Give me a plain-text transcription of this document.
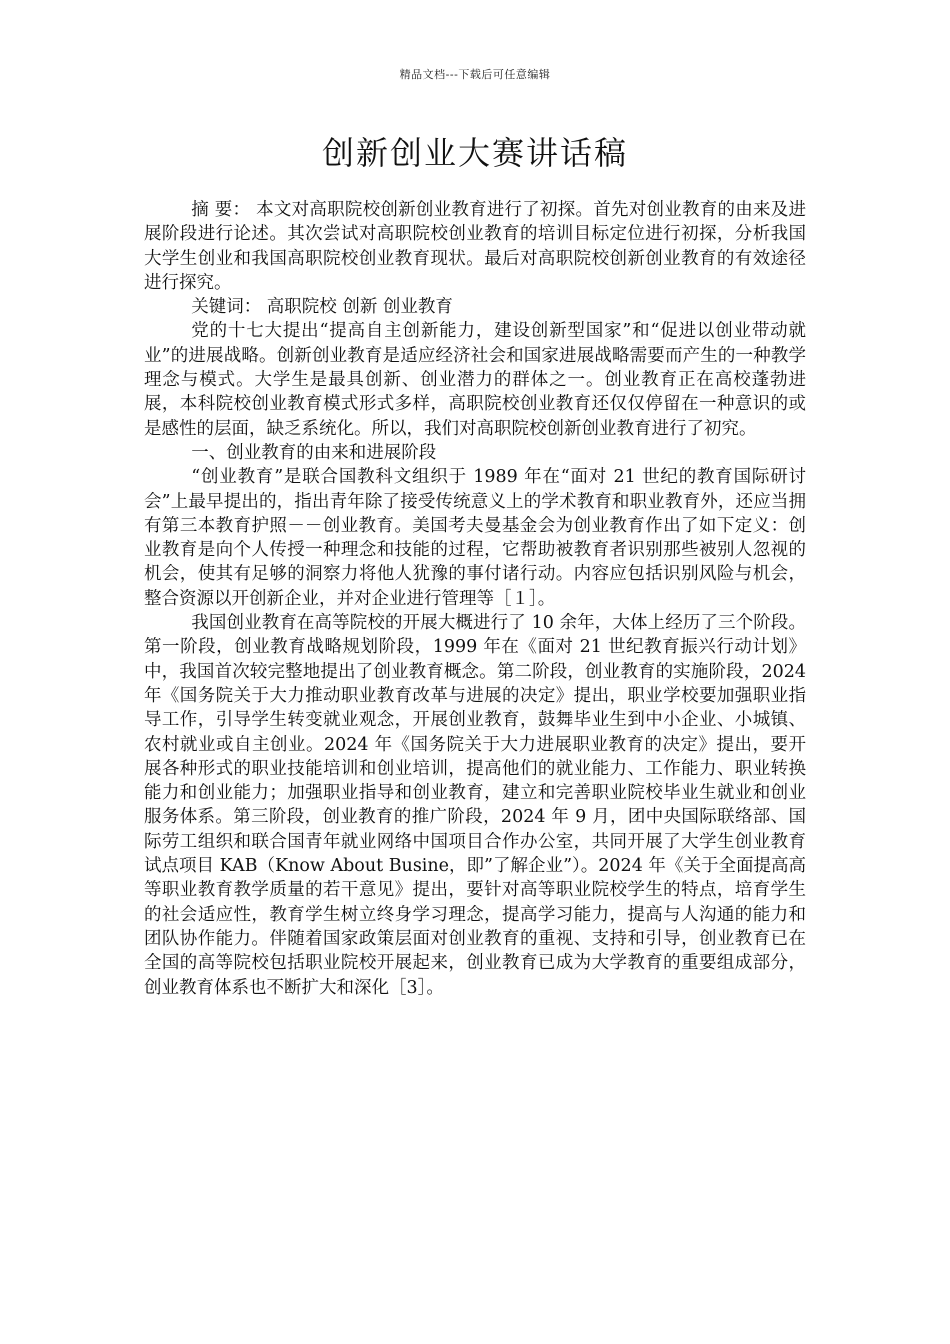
精品文档---下载后可任意编辑
创新创业大赛讲话稿

摘 要： 本文对高职院校创新创业教育进行了初探。首先对创业教育的由来及进展阶段进行论述。其次尝试对高职院校创业教育的培训目标定位进行初探，分析我国大学生创业和我国高职院校创业教育现状。最后对高职院校创新创业教育的有效途径进行探究。

关键词： 高职院校 创新 创业教育

党的十七大提出“提高自主创新能力，建设创新型国家”和“促进以创业带动就业”的进展战略。创新创业教育是适应经济社会和国家进展战略需要而产生的一种教学理念与模式。大学生是最具创新、创业潜力的群体之一。创业教育正在高校蓬勃进展，本科院校创业教育模式形式多样，高职院校创业教育还仅仅停留在一种意识的或是感性的层面，缺乏系统化。所以，我们对高职院校创新创业教育进行了初究。

一、创业教育的由来和进展阶段

“创业教育”是联合国教科文组织于 1989 年在“面对 21 世纪的教育国际研讨会”上最早提出的，指出青年除了接受传统意义上的学术教育和职业教育外，还应当拥有第三本教育护照－－创业教育。美国考夫曼基金会为创业教育作出了如下定义：创业教育是向个人传授一种理念和技能的过程，它帮助被教育者识别那些被别人忽视的机会，使其有足够的洞察力将他人犹豫的事付诸行动。内容应包括识别风险与机会，整合资源以开创新企业，并对企业进行管理等［１］。

我国创业教育在高等院校的开展大概进行了 10 余年，大体上经历了三个阶段。第一阶段，创业教育战略规划阶段，1999 年在《面对 21 世纪教育振兴行动计划》中，我国首次较完整地提出了创业教育概念。第二阶段，创业教育的实施阶段，2024 年《国务院关于大力推动职业教育改革与进展的决定》提出，职业学校要加强职业指导工作，引导学生转变就业观念，开展创业教育，鼓舞毕业生到中小企业、小城镇、农村就业或自主创业。2024 年《国务院关于大力进展职业教育的决定》提出，要开展各种形式的职业技能培训和创业培训，提高他们的就业能力、工作能力、职业转换能力和创业能力；加强职业指导和创业教育，建立和完善职业院校毕业生就业和创业服务体系。第三阶段，创业教育的推广阶段，2024 年 9 月，团中央国际联络部、国际劳工组织和联合国青年就业网络中国项目合作办公室，共同开展了大学生创业教育试点项目 KAB（Know About Busine，即”了解企业”）。2024 年《关于全面提高高等职业教育教学质量的若干意见》提出，要针对高等职业院校学生的特点，培育学生的社会适应性，教育学生树立终身学习理念，提高学习能力，提高与人沟通的能力和团队协作能力。伴随着国家政策层面对创业教育的重视、支持和引导，创业教育已在全国的高等院校包括职业院校开展起来，创业教育已成为大学教育的重要组成部分，创业教育体系也不断扩大和深化［3］。
